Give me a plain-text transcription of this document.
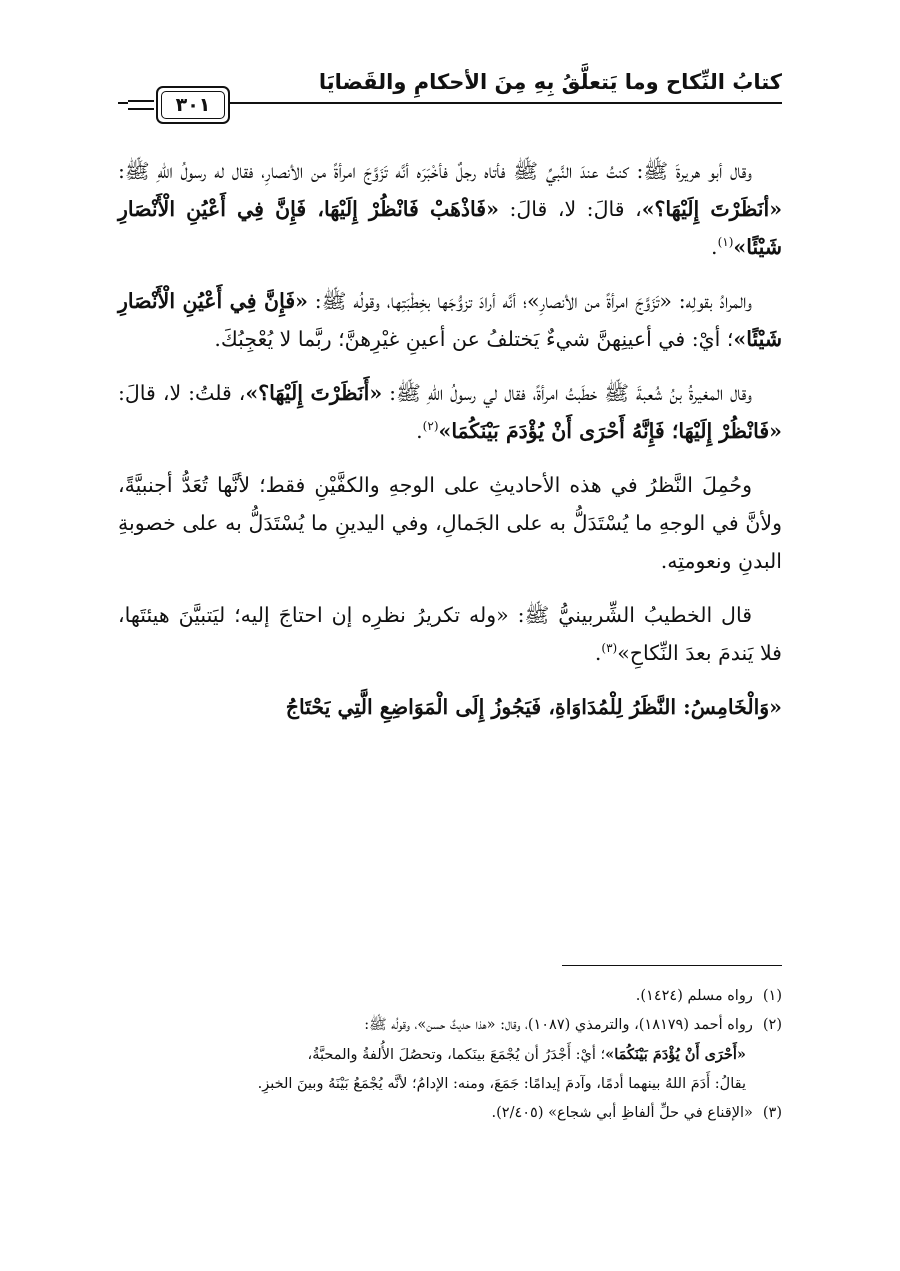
كتابُ النِّكاح وما يَتعلَّقُ بِهِ مِنَ الأحكامِ والقَضايَا
٣٠١

وقال أبو هريرةَ ﷺ: كنتُ عندَ النَّبيِّ ﷺ فأتاه رجلٌ فأخْبَرَه أنَّه تَزَوَّجَ امرأةً من الأنصارِ، فقال له رسولُ اللهِ ﷺ: «أنَظَرْتَ إِلَيْهَا؟»، قالَ: لا، قالَ: «فَاذْهَبْ فَانْظُرْ إِلَيْهَا، فَإِنَّ فِي أَعْيُنِ الْأَنْصَارِ شَيْئًا»$^{(١)}$.

والمرادُ بقولِه: «تَزَوَّجَ امرأةً من الأنصارِ»؛ أنَّه أرادَ تزوُّجَها بخِطْبَتِها، وقولُه ﷺ: «فَإِنَّ فِي أَعْيُنِ الْأَنْصَارِ شَيْئًا»؛ أيْ: في أعينِهنَّ شيءٌ يَختلفُ عن أعينِ غيْرِهنَّ؛ ربَّما لا يُعْجِبُكَ.

وقال المغيرةُ بنُ شُعبةَ ﷺ خطَبتُ امرأةً، فقال لي رسولُ اللهِ ﷺ: «أَنَظَرْتَ إِلَيْهَا؟»، قلتُ: لا، قالَ: «فَانْظُرْ إِلَيْهَا؛ فَإِنَّهُ أَحْرَى أَنْ يُؤْدَمَ بَيْنَكُمَا»$^{(٢)}$.

وحُمِلَ النَّظرُ في هذه الأحاديثِ على الوجهِ والكفَّيْنِ فقط؛ لأنَّها تُعَدُّ أجنبيَّةً، ولأنَّ في الوجهِ ما يُسْتَدَلُّ به على الجَمالِ، وفي اليدينِ ما يُسْتَدَلُّ به على خصوبةِ البدنِ ونعومتِه.

قال الخطيبُ الشِّربينيُّ ﷺ: «وله تكريرُ نظرِه إن احتاجَ إليه؛ ليَتبيَّنَ هيئتَها، فلا يَندمَ بعدَ النِّكاحِ»$^{(٣)}$.

«وَالْخَامِسُ: النَّظَرُ لِلْمُدَاوَاةِ، فَيَجُوزُ إِلَى الْمَوَاضِعِ الَّتِي يَحْتَاجُ

(١)رواه مسلم (١٤٢٤).

(٢)رواه أحمد (١٨١٧٩)، والترمذي (١٠٨٧)، وقال: «هذا حديثٌ حسن»، وقولُه ﷺ:

«أَحْرَى أَنْ يُؤْدَمَ بَيْنَكُمَا»؛ أيْ: أَجْدَرُ أن يُجْمَعَ بينَكما، وتحصُلَ الأُلفةُ والمحبَّةُ،

يقالُ: أَدَمَ اللهُ بينهما أدمًا، وآدمَ إيدامًا: جَمَعَ، ومنه: الإدامُ؛ لأنَّه يُجْمَعُ بَيْنَهُ وبينَ الخبزِ.

(٣)«الإقناع في حلِّ ألفاظِ أبي شجاع» (٢/٤٠٥).
